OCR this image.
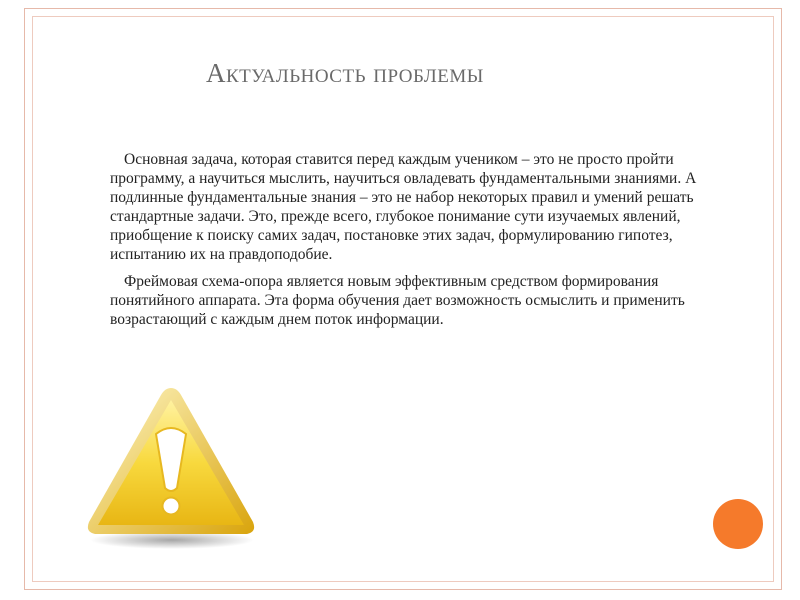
Актуальность проблемы

Основная задача, которая ставится перед каждым учеником – это не просто пройти программу, а научиться мыслить, научиться овладевать фундаментальными знаниями. А подлинные фундаментальные знания – это не набор некоторых правил и умений решать стандартные задачи. Это, прежде всего, глубокое понимание сути изучаемых явлений, приобщение к поиску самих задач, постановке этих задач, формулированию гипотез, испытанию их на правдоподобие.

Фреймовая схема-опора является новым эффективным средством формирования понятийного аппарата. Эта форма обучения дает возможность осмыслить и применить возрастающий с каждым днем поток информации.
